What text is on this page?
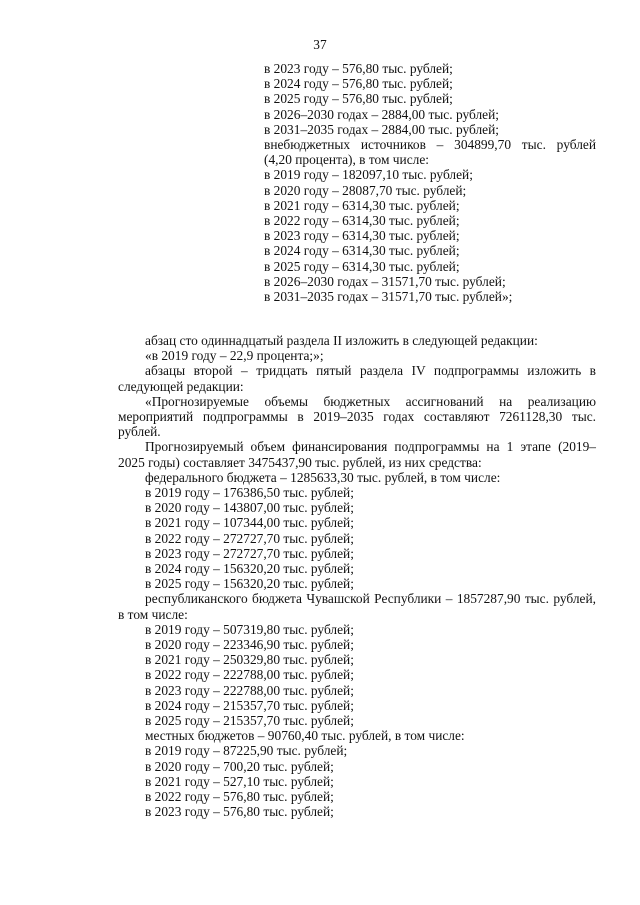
37
в 2023 году – 576,80 тыс. рублей;
в 2024 году – 576,80 тыс. рублей;
в 2025 году – 576,80 тыс. рублей;
в 2026–2030 годах – 2884,00 тыс. рублей;
в 2031–2035 годах – 2884,00 тыс. рублей;
внебюджетных источников – 304899,70 тыс. рублей
(4,20 процента), в том числе:
в 2019 году – 182097,10 тыс. рублей;
в 2020 году – 28087,70 тыс. рублей;
в 2021 году – 6314,30 тыс. рублей;
в 2022 году – 6314,30 тыс. рублей;
в 2023 году – 6314,30 тыс. рублей;
в 2024 году – 6314,30 тыс. рублей;
в 2025 году – 6314,30 тыс. рублей;
в 2026–2030 годах – 31571,70 тыс. рублей;
в 2031–2035 годах – 31571,70 тыс. рублей»;
абзац сто одиннадцатый раздела II изложить в следующей редакции:
«в 2019 году – 22,9 процента;»;
абзацы второй – тридцать пятый раздела IV подпрограммы изложить в следующей редакции:
«Прогнозируемые объемы бюджетных ассигнований на реализацию мероприятий подпрограммы в 2019–2035 годах составляют 7261128,30 тыс. рублей.
Прогнозируемый объем финансирования подпрограммы на 1 этапе (2019–2025 годы) составляет 3475437,90 тыс. рублей, из них средства:
федерального бюджета – 1285633,30 тыс. рублей, в том числе:
в 2019 году – 176386,50 тыс. рублей;
в 2020 году – 143807,00 тыс. рублей;
в 2021 году – 107344,00 тыс. рублей;
в 2022 году – 272727,70 тыс. рублей;
в 2023 году – 272727,70 тыс. рублей;
в 2024 году – 156320,20 тыс. рублей;
в 2025 году – 156320,20 тыс. рублей;
республиканского бюджета Чувашской Республики – 1857287,90 тыс. рублей, в том числе:
в 2019 году – 507319,80 тыс. рублей;
в 2020 году – 223346,90 тыс. рублей;
в 2021 году – 250329,80 тыс. рублей;
в 2022 году – 222788,00 тыс. рублей;
в 2023 году – 222788,00 тыс. рублей;
в 2024 году – 215357,70 тыс. рублей;
в 2025 году – 215357,70 тыс. рублей;
местных бюджетов – 90760,40 тыс. рублей, в том числе:
в 2019 году – 87225,90 тыс. рублей;
в 2020 году – 700,20 тыс. рублей;
в 2021 году – 527,10 тыс. рублей;
в 2022 году – 576,80 тыс. рублей;
в 2023 году – 576,80 тыс. рублей;
